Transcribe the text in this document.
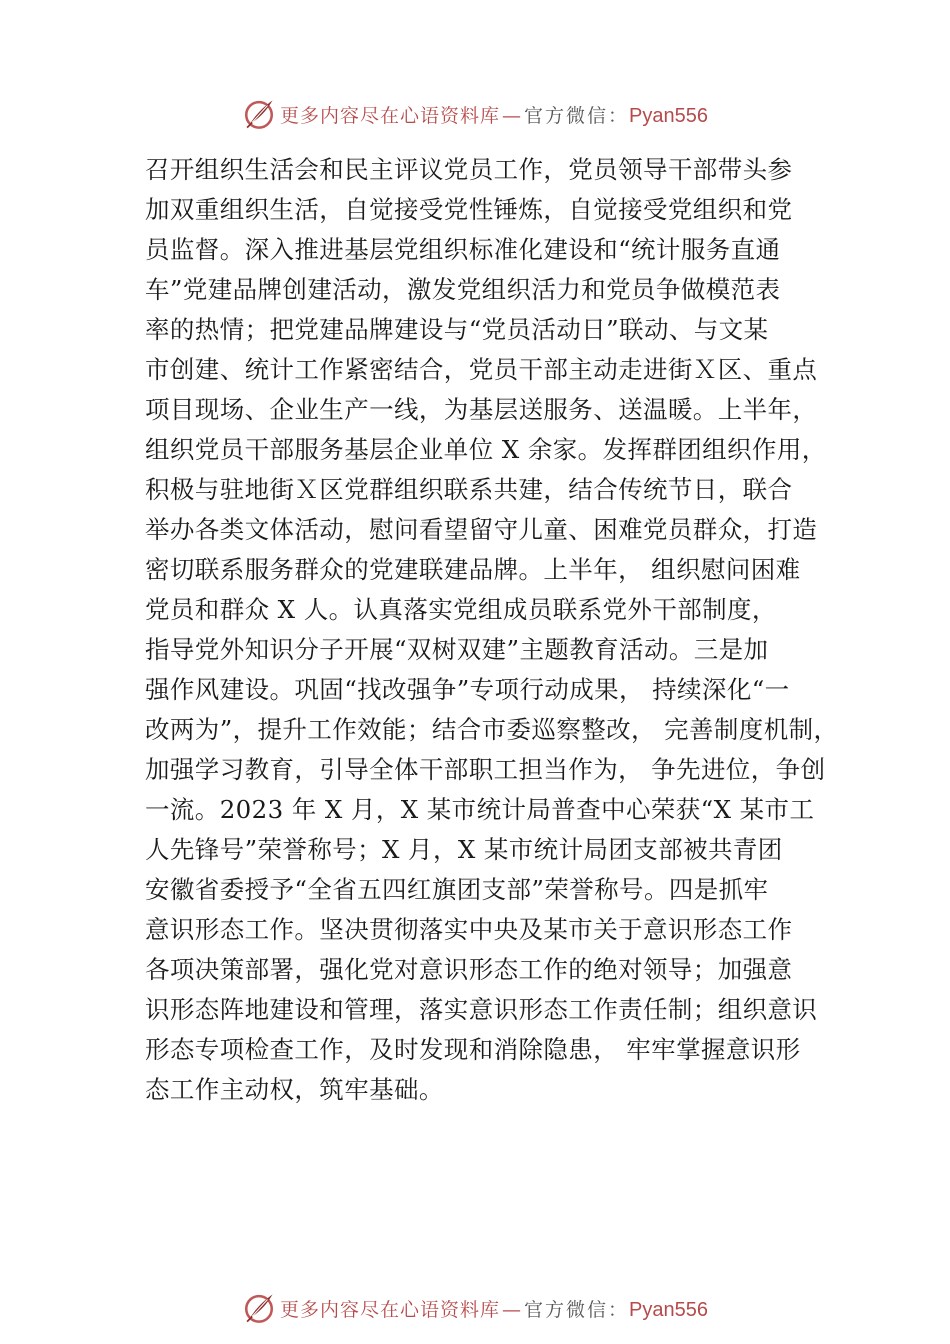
更多内容尽在心语资料库 — 官方微信： Pyan556
召开组织生活会和民主评议党员工作，党员领导干部带头参
加双重组织生活，自觉接受党性锤炼，自觉接受党组织和党
员监督。深入推进基层党组织标准化建设和“统计服务直通
车”党建品牌创建活动，激发党组织活力和党员争做模范表
率的热情；把党建品牌建设与“党员活动日”联动、与文某
市创建、统计工作紧密结合，党员干部主动走进街Ｘ区、重点
项目现场、企业生产一线，为基层送服务、送温暖。上半年，
组织党员干部服务基层企业单位 X 余家。发挥群团组织作用，
积极与驻地街Ｘ区党群组织联系共建，结合传统节日，联合
举办各类文体活动，慰问看望留守儿童、困难党员群众，打造
密切联系服务群众的党建联建品牌。上半年， 组织慰问困难
党员和群众 X 人。认真落实党组成员联系党外干部制度，
指导党外知识分子开展“双树双建”主题教育活动。三是加
强作风建设。巩固“找改强争”专项行动成果， 持续深化“一
改两为”，提升工作效能；结合市委巡察整改， 完善制度机制，
加强学习教育，引导全体干部职工担当作为， 争先进位，争创
一流。2023 年 X 月，X 某市统计局普查中心荣获“X 某市工
人先锋号”荣誉称号；X 月，X 某市统计局团支部被共青团
安徽省委授予“全省五四红旗团支部”荣誉称号。四是抓牢
意识形态工作。坚决贯彻落实中央及某市关于意识形态工作
各项决策部署，强化党对意识形态工作的绝对领导；加强意
识形态阵地建设和管理，落实意识形态工作责任制；组织意识
形态专项检查工作，及时发现和消除隐患， 牢牢掌握意识形
态工作主动权，筑牢基础。
更多内容尽在心语资料库 — 官方微信： Pyan556
